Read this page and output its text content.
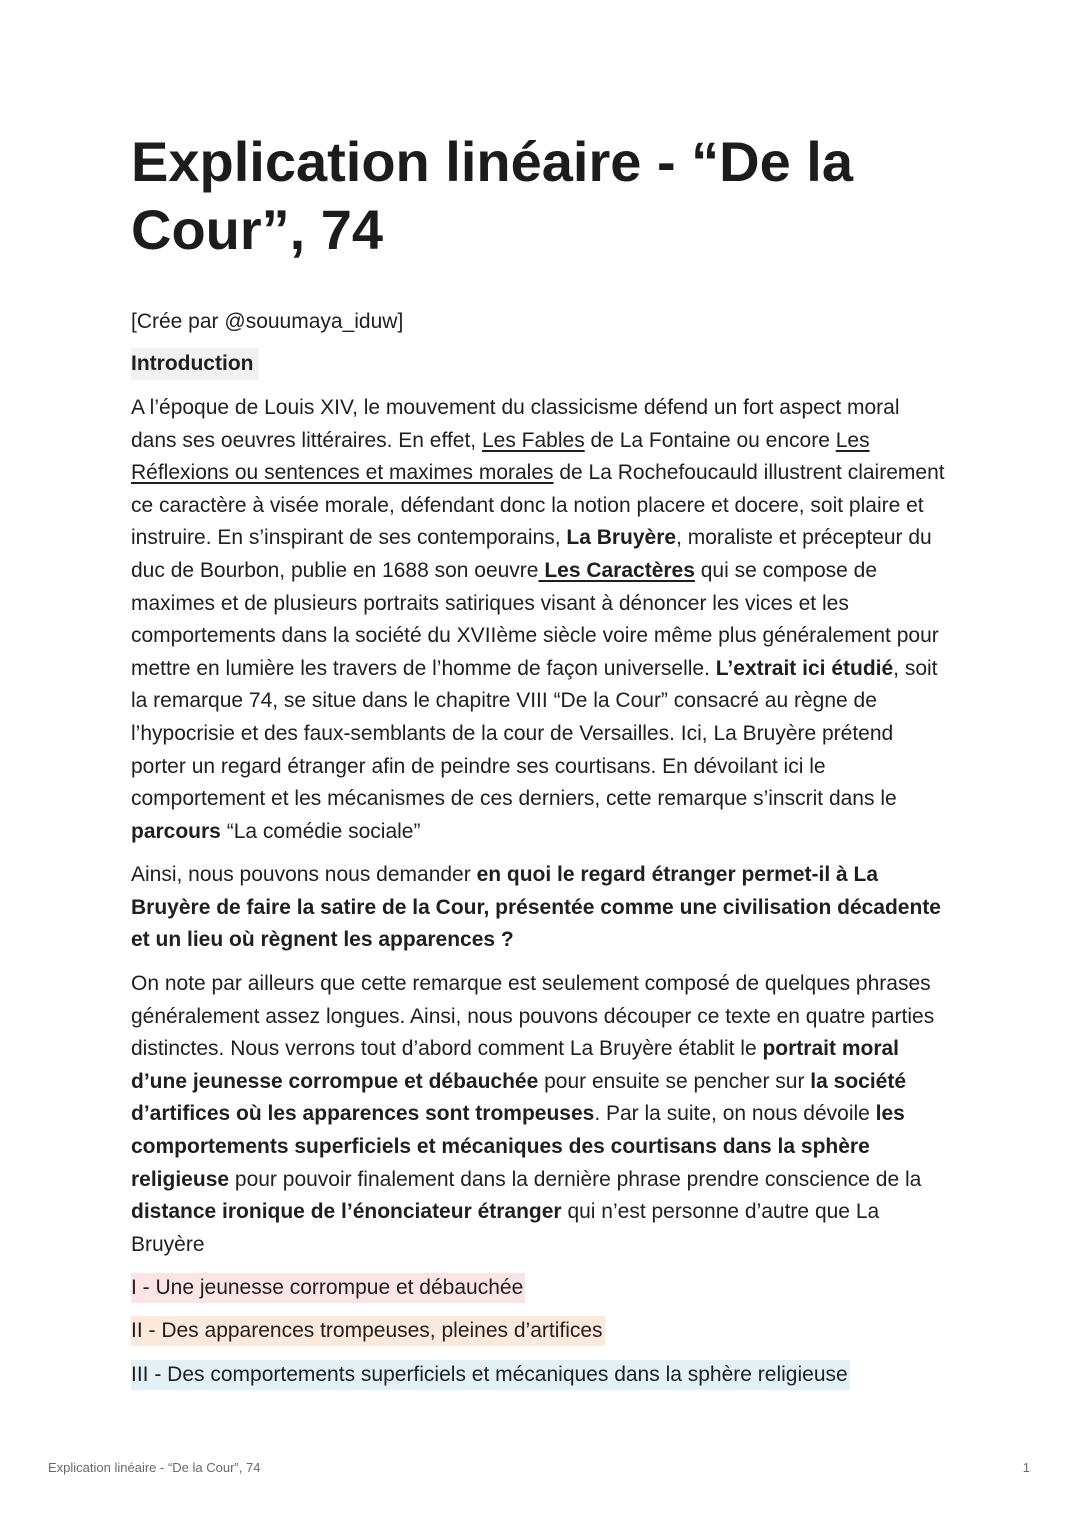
Explication linéaire - “De la
Cour”, 74
[Crée par @souumaya_iduw]
Introduction

A l’époque de Louis XIV, le mouvement du classicisme défend un fort aspect moral dans ses oeuvres littéraires. En effet, Les Fables de La Fontaine ou encore Les Réflexions ou sentences et maximes morales de La Rochefoucauld illustrent clairement ce caractère à visée morale, défendant donc la notion placere et docere, soit plaire et instruire. En s’inspirant de ses contemporains, La Bruyère, moraliste et précepteur du duc de Bourbon, publie en 1688 son oeuvre Les Caractères qui se compose de maximes et de plusieurs portraits satiriques visant à dénoncer les vices et les comportements dans la société du XVIIème siècle voire même plus généralement pour mettre en lumière les travers de l’homme de façon universelle. L’extrait ici étudié, soit la remarque 74, se situe dans le chapitre VIII “De la Cour” consacré au règne de l’hypocrisie et des faux-semblants de la cour de Versailles. Ici, La Bruyère prétend porter un regard étranger afin de peindre ses courtisans. En dévoilant ici le comportement et les mécanismes de ces derniers, cette remarque s’inscrit dans le parcours “La comédie sociale”

Ainsi, nous pouvons nous demander en quoi le regard étranger permet-il à La Bruyère de faire la satire de la Cour, présentée comme une civilisation décadente et un lieu où règnent les apparences ?

On note par ailleurs que cette remarque est seulement composé de quelques phrases généralement assez longues. Ainsi, nous pouvons découper ce texte en quatre parties distinctes. Nous verrons tout d’abord comment La Bruyère établit le portrait moral d’une jeunesse corrompue et débauchée pour ensuite se pencher sur la société d’artifices où les apparences sont trompeuses. Par la suite, on nous dévoile les comportements superficiels et mécaniques des courtisans dans la sphère religieuse pour pouvoir finalement dans la dernière phrase prendre conscience de la distance ironique de l’énonciateur étranger qui n’est personne d’autre que La Bruyère

I - Une jeunesse corrompue et débauchée
II - Des apparences trompeuses, pleines d’artifices
III - Des comportements superficiels et mécaniques dans la sphère religieuse
Explication linéaire - “De la Cour”, 74	1
